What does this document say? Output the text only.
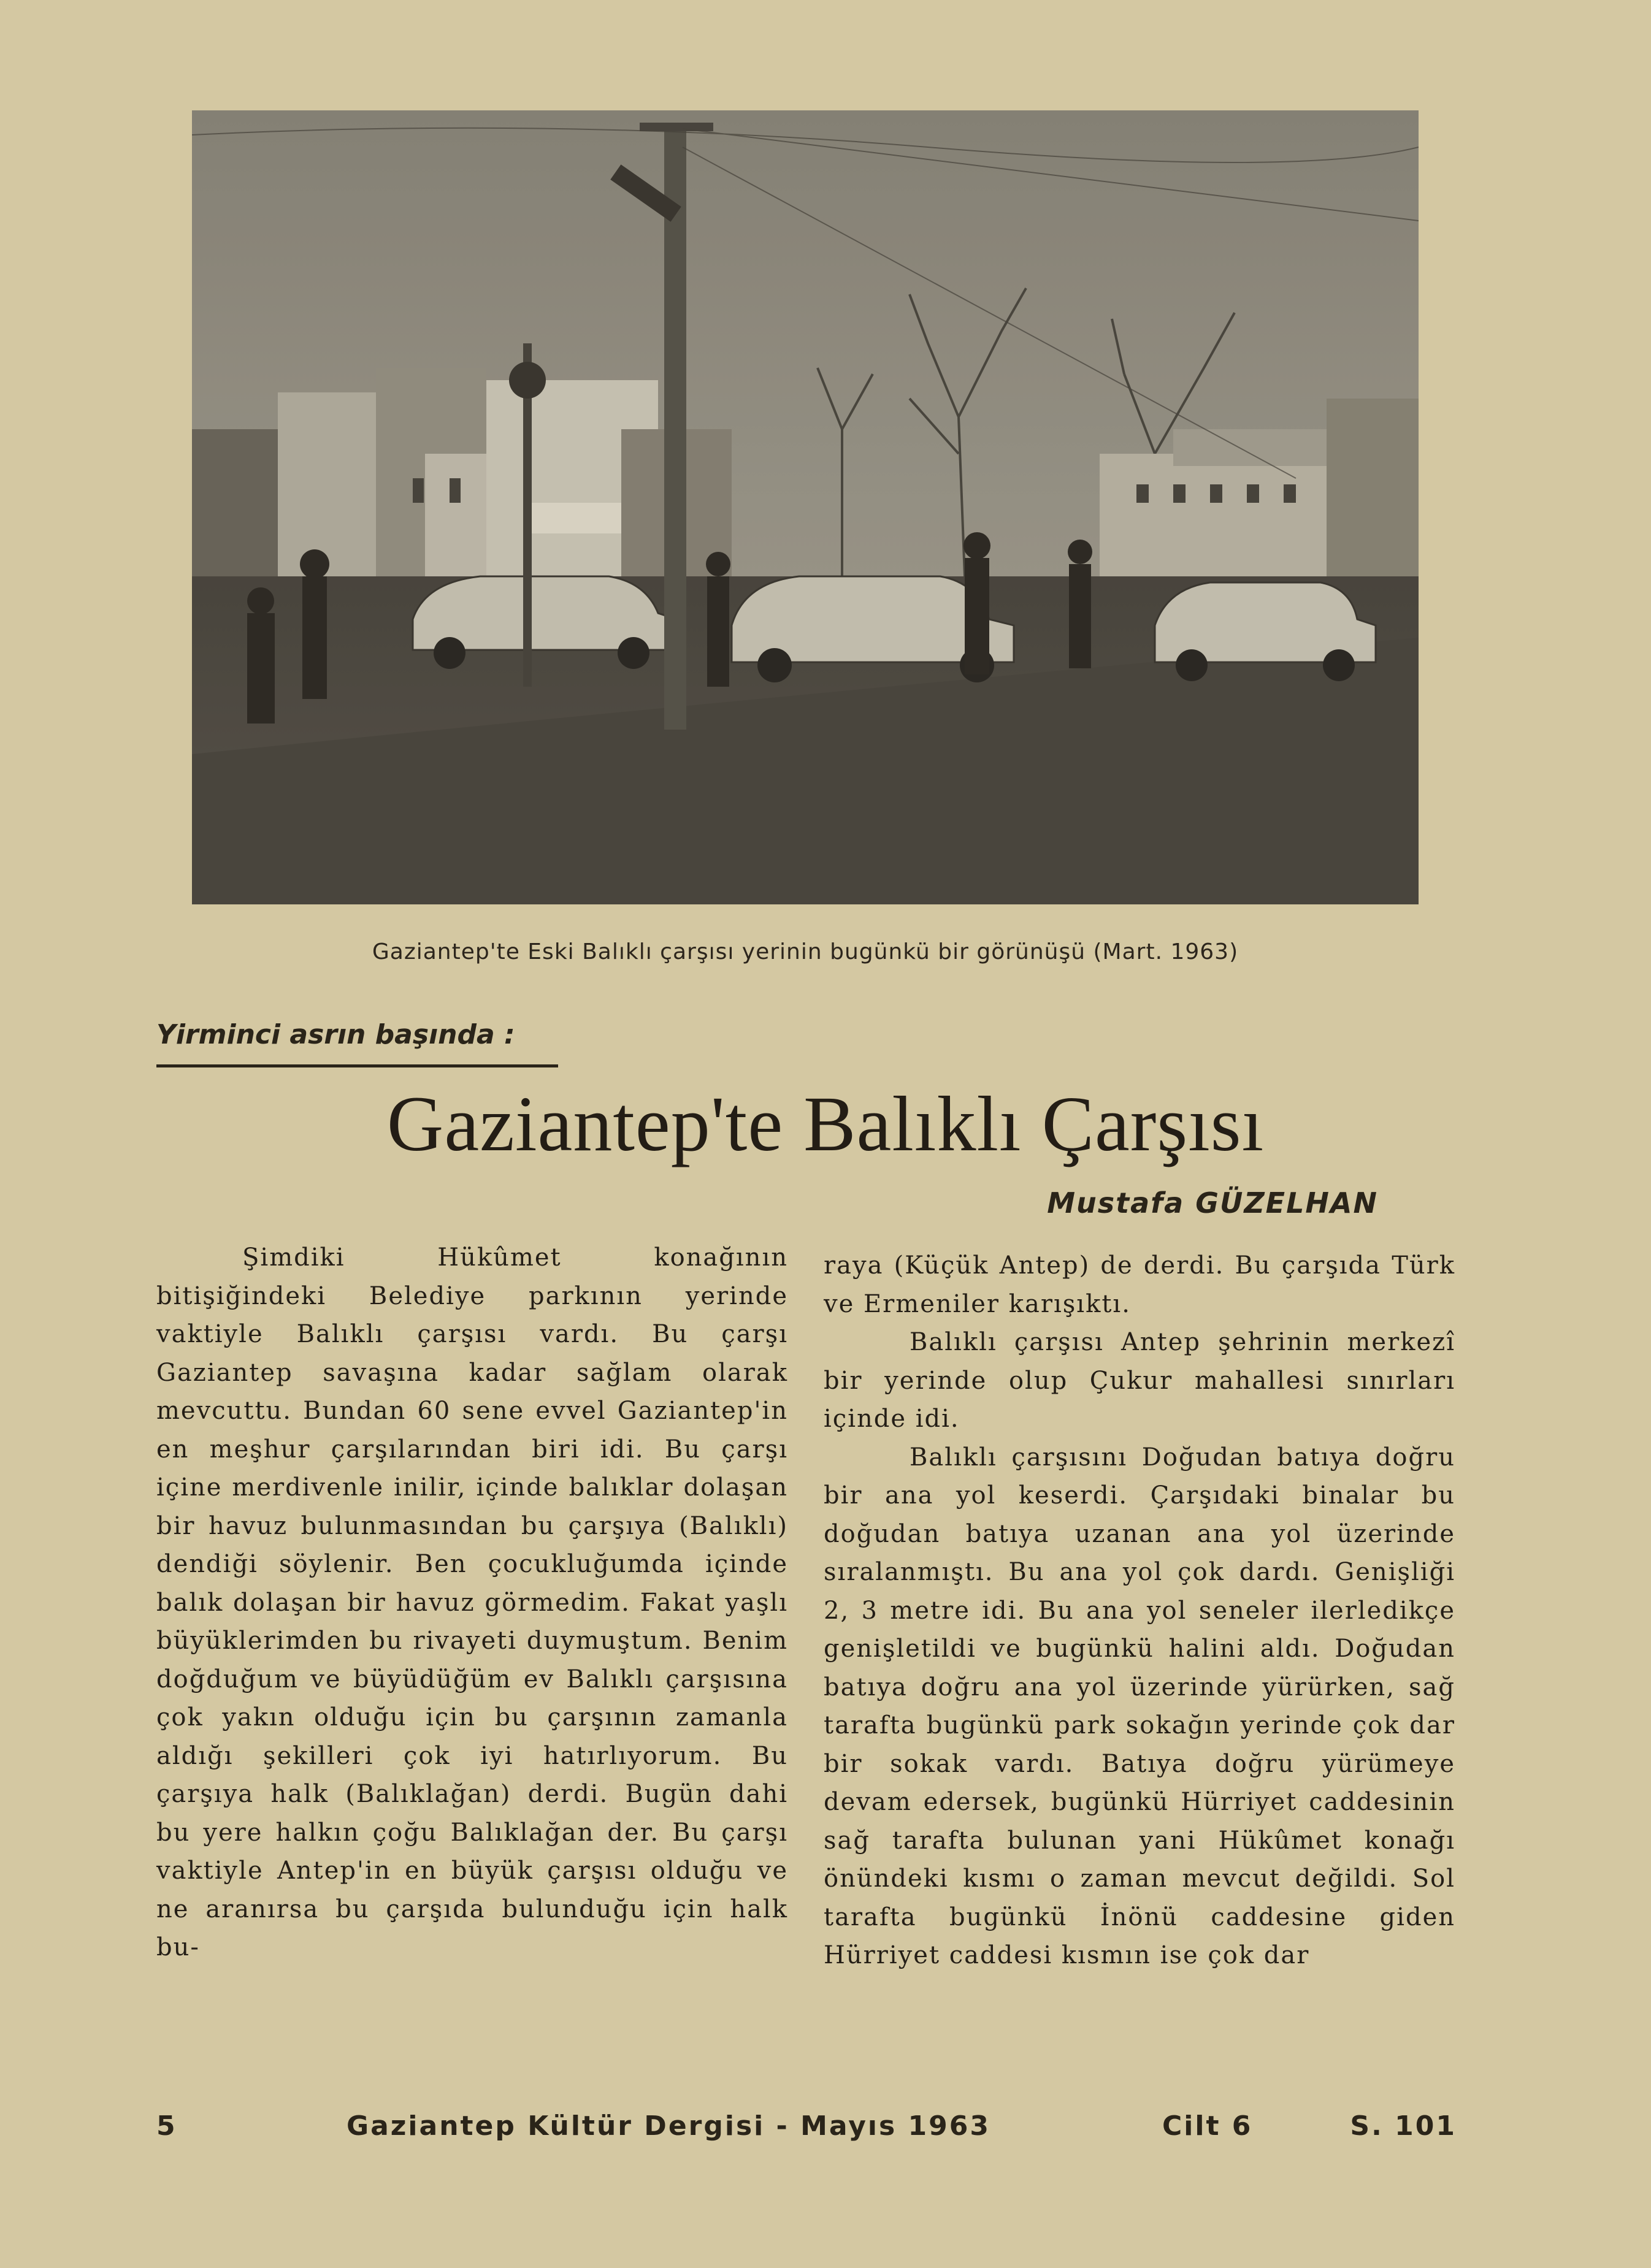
Gaziantep'te Eski Balıklı çarşısı yerinin bugünkü bir görünüşü (Mart. 1963)
Yirminci asrın başında :
Gaziantep'te Balıklı Çarşısı
Mustafa GÜZELHAN

Şimdiki Hükûmet konağının bitişiğindeki Belediye parkının yerinde vaktiyle Balıklı çarşısı vardı. Bu çarşı Gaziantep savaşına kadar sağlam olarak mevcuttu. Bundan 60 sene evvel Gaziantep'in en meşhur çarşılarından biri idi. Bu çarşı içine merdivenle inilir, içinde balıklar dolaşan bir havuz bulunmasından bu çarşıya (Balıklı) dendiği söylenir. Ben çocukluğumda içinde balık dolaşan bir havuz görmedim. Fakat yaşlı büyüklerimden bu rivayeti duymuştum. Benim doğduğum ve büyüdüğüm ev Balıklı çarşısına çok yakın olduğu için bu çarşının zamanla aldığı şekilleri çok iyi hatırlıyorum. Bu çarşıya halk (Balıklağan) derdi. Bugün dahi bu yere halkın çoğu Balıklağan der. Bu çarşı vaktiyle Antep'in en büyük çarşısı olduğu ve ne aranırsa bu çarşıda bulunduğu için halk bu-

raya (Küçük Antep) de derdi. Bu çarşıda Türk ve Ermeniler karışıktı.

Balıklı çarşısı Antep şehrinin merkezî bir yerinde olup Çukur mahallesi sınırları içinde idi.

Balıklı çarşısını Doğudan batıya doğru bir ana yol keserdi. Çarşıdaki binalar bu doğudan batıya uzanan ana yol üzerinde sıralanmıştı. Bu ana yol çok dardı. Genişliği 2, 3 metre idi. Bu ana yol seneler ilerledikçe genişletildi ve bugünkü halini aldı. Doğudan batıya doğru ana yol üzerinde yürürken, sağ tarafta bugünkü park sokağın yerinde çok dar bir sokak vardı. Batıya doğru yürümeye devam edersek, bugünkü Hürriyet caddesinin sağ tarafta bulunan yani Hükûmet konağı önündeki kısmı o zaman mevcut değildi. Sol tarafta bugünkü İnönü caddesine giden Hürriyet caddesi kısmın ise çok dar

5	Gaziantep Kültür Dergisi - Mayıs 1963	Cilt 6	S. 101
